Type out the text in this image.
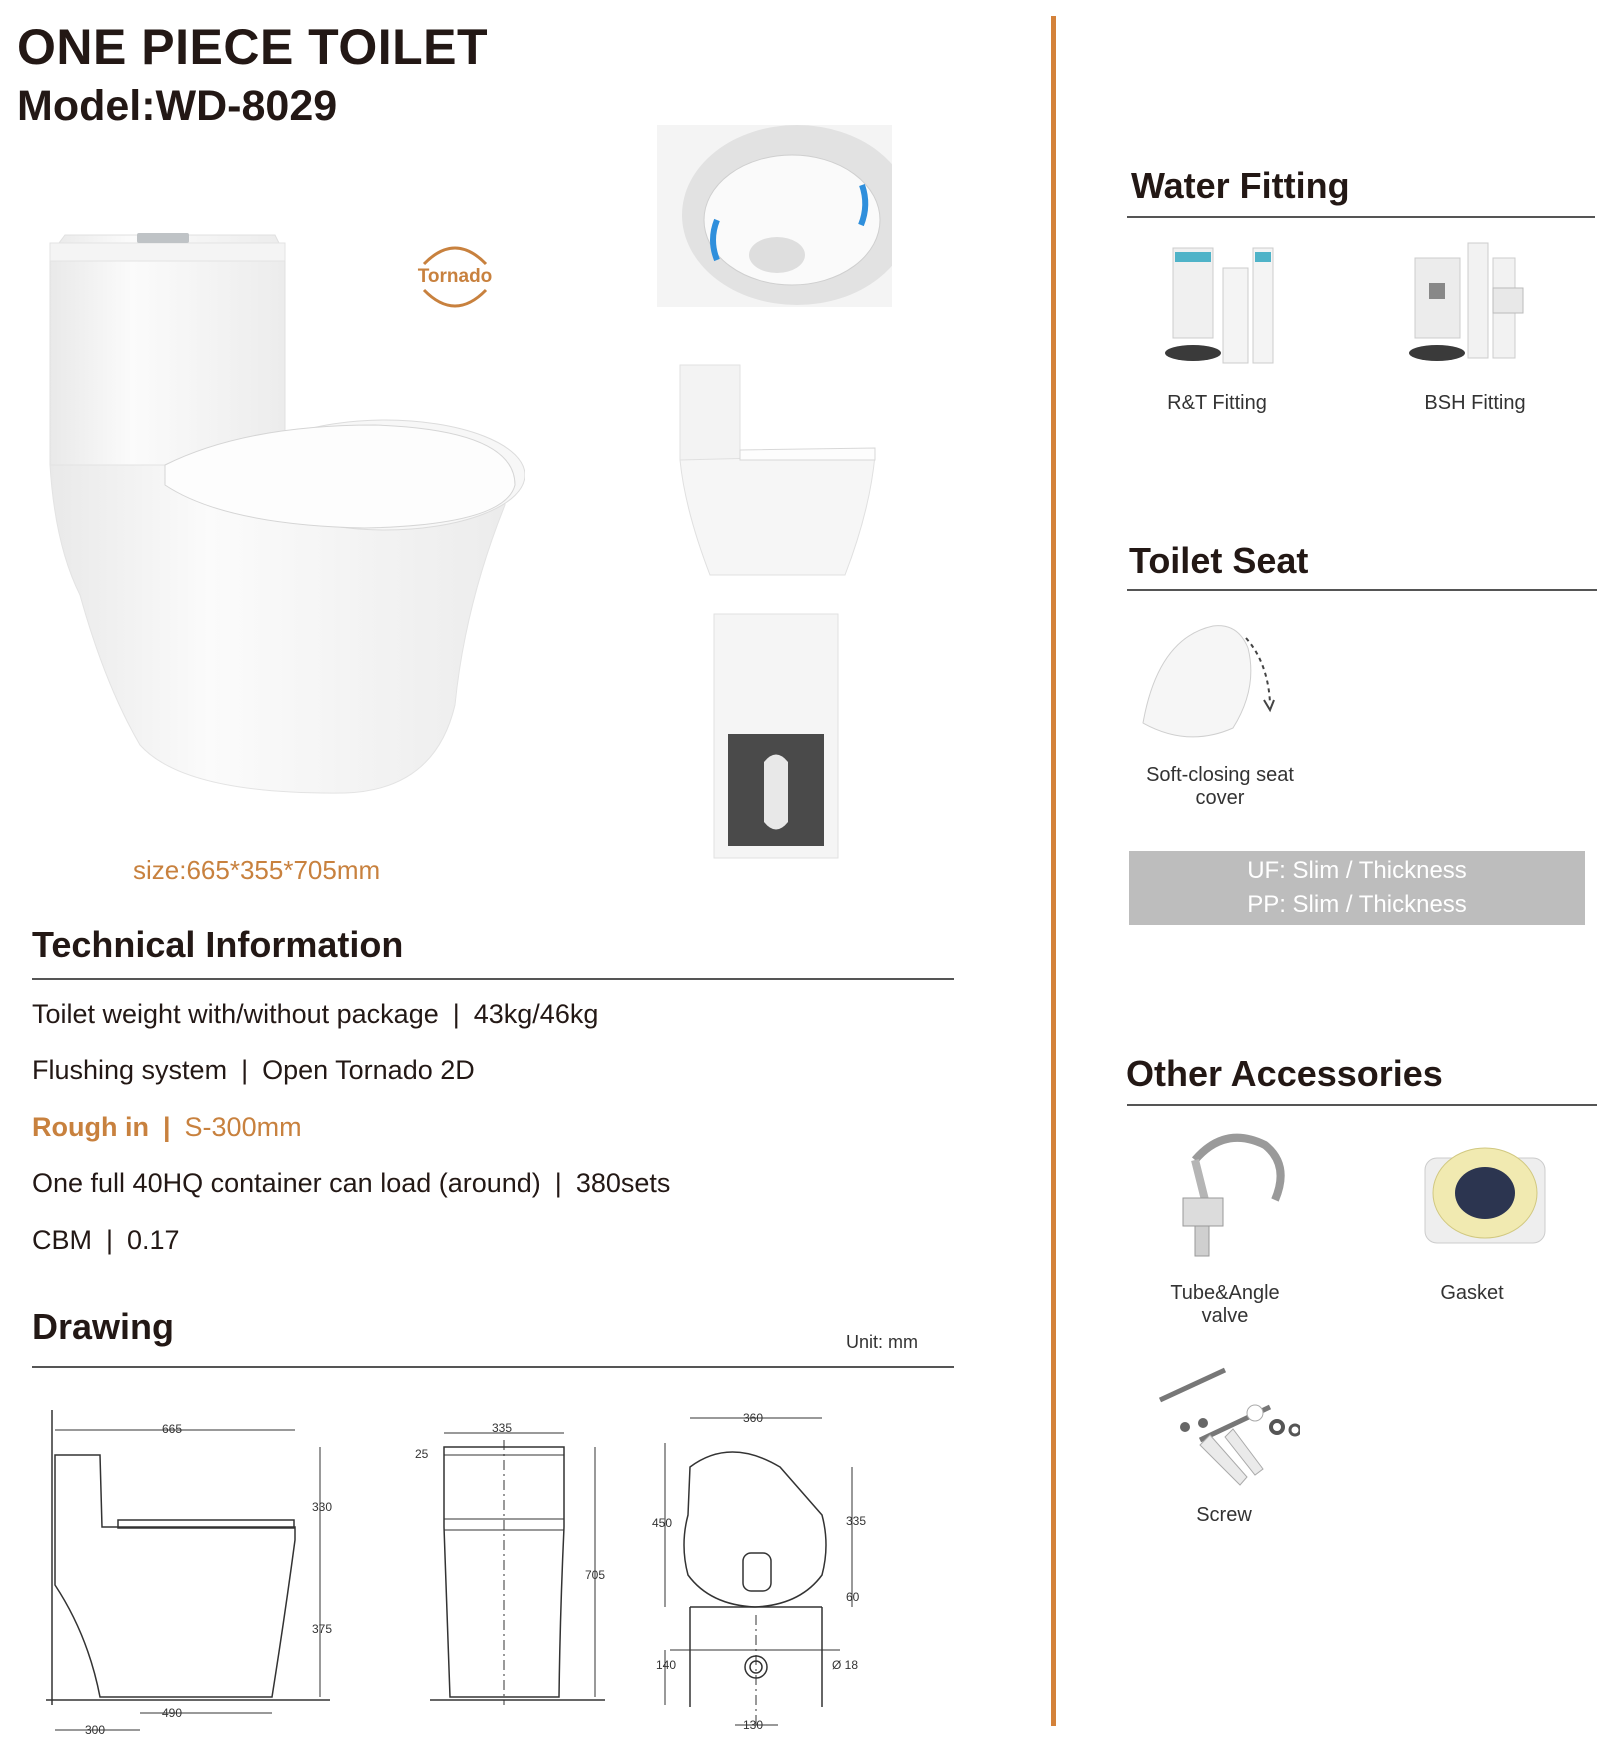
ONE PIECE TOILET
Model:WD-8029
Tornado
size:665*355*705mm
Technical Information
Toilet weight with/without package | 43kg/46kg
Flushing system | Open Tornado 2D
Rough in | S-300mm
One full 40HQ container can load (around) | 380sets
CBM | 0.17
Drawing	Unit: mm
665
330
375
300
490
335
25
705
360
450	335
60
140	Ø 18
130
Water Fitting
R&T Fitting	BSH Fitting
Toilet Seat
Soft-closing seat
cover
UF: Slim / Thickness
PP: Slim / Thickness
Other Accessories
Tube&Angle
valve
Gasket
Screw
